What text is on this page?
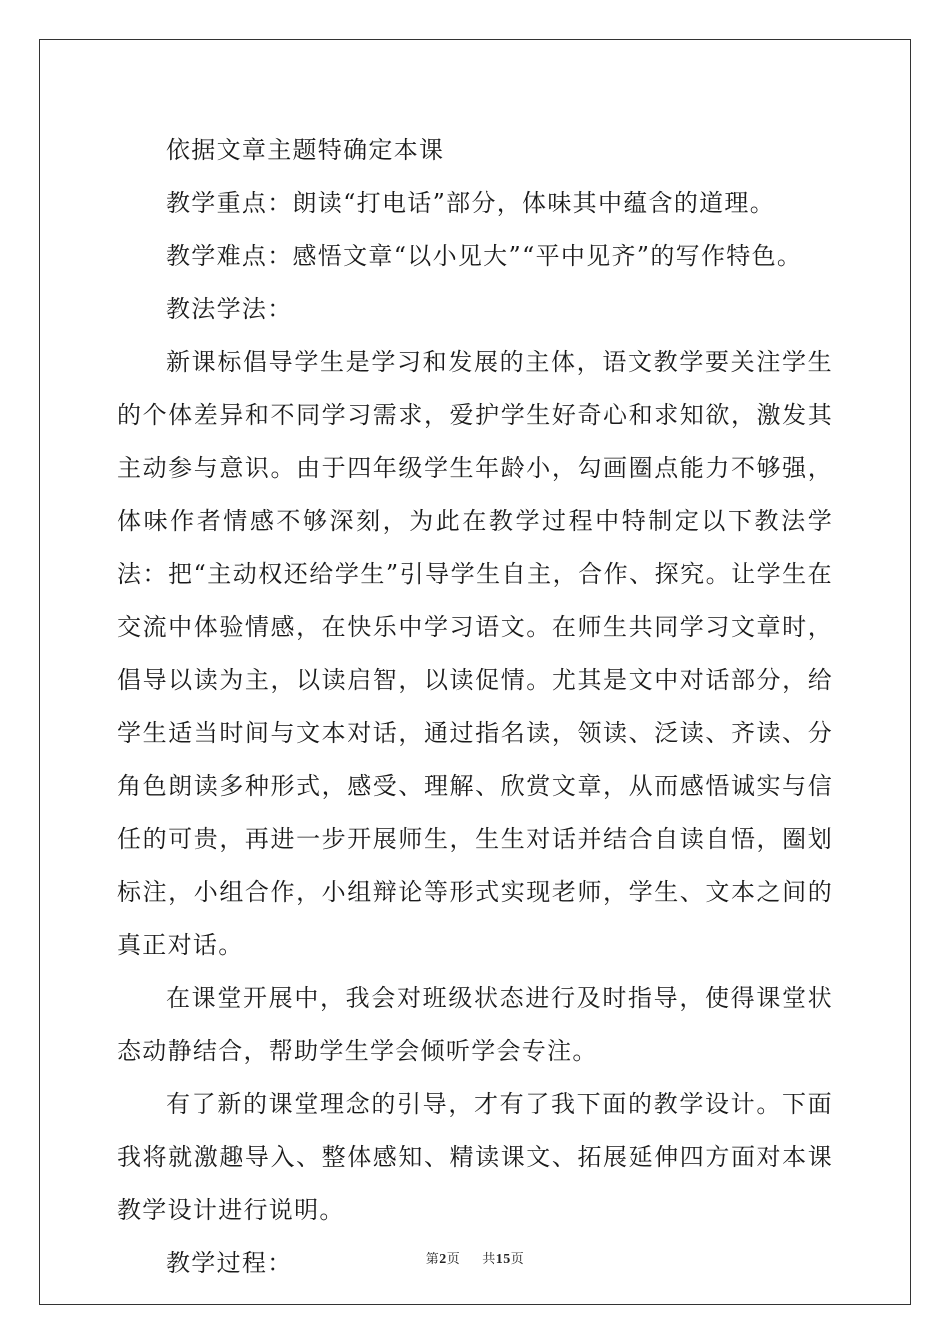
依据文章主题特确定本课

教学重点：朗读“打电话”部分，体味其中蕴含的道理。

教学难点：感悟文章“以小见大”“平中见齐”的写作特色。

教法学法：

新课标倡导学生是学习和发展的主体，语文教学要关注学生的个体差异和不同学习需求，爱护学生好奇心和求知欲，激发其主动参与意识。由于四年级学生年龄小，勾画圈点能力不够强，体味作者情感不够深刻，为此在教学过程中特制定以下教法学法：把“主动权还给学生”引导学生自主，合作、探究。让学生在交流中体验情感，在快乐中学习语文。在师生共同学习文章时，倡导以读为主，以读启智，以读促情。尤其是文中对话部分，给学生适当时间与文本对话，通过指名读，领读、泛读、齐读、分角色朗读多种形式，感受、理解、欣赏文章，从而感悟诚实与信任的可贵，再进一步开展师生，生生对话并结合自读自悟，圈划标注，小组合作，小组辩论等形式实现老师，学生、文本之间的真正对话。

在课堂开展中，我会对班级状态进行及时指导，使得课堂状态动静结合，帮助学生学会倾听学会专注。

有了新的课堂理念的引导，才有了我下面的教学设计。下面我将就激趣导入、整体感知、精读课文、拓展延伸四方面对本课教学设计进行说明。

教学过程：	第2页 共15页
